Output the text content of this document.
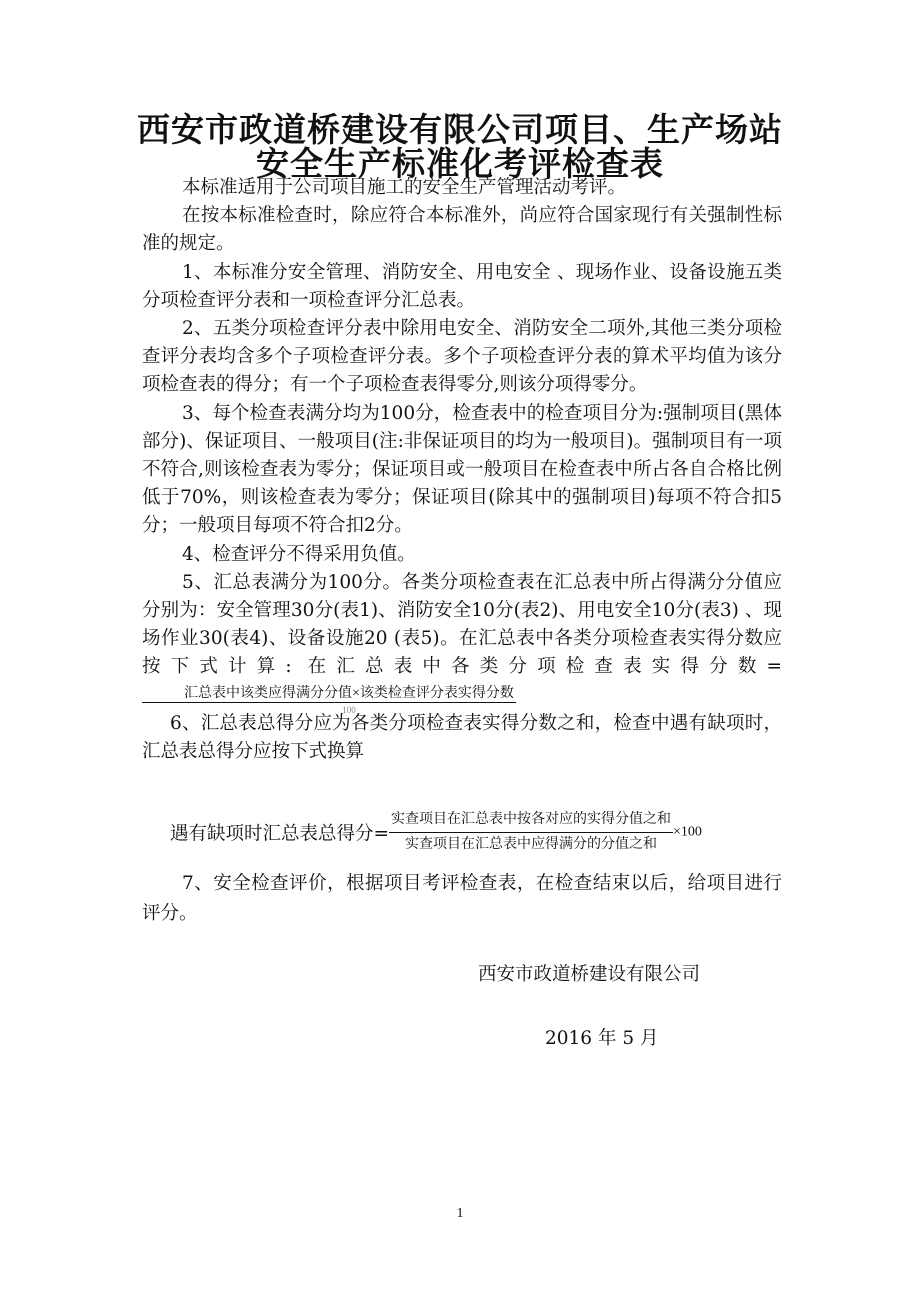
西安市政道桥建设有限公司项目、生产场站
安全生产标准化考评检查表

本标准适用于公司项目施工的安全生产管理活动考评。

在按本标准检查时，除应符合本标准外，尚应符合国家现行有关强制性标准的规定。

1、本标准分安全管理、消防安全、用电安全 、现场作业、设备设施五类分项检查评分表和一项检查评分汇总表。

2、五类分项检查评分表中除用电安全、消防安全二项外,其他三类分项检查评分表均含多个子项检查评分表。多个子项检查评分表的算术平均值为该分项检查表的得分；有一个子项检查表得零分,则该分项得零分。

3、每个检查表满分均为100分，检查表中的检查项目分为:强制项目(黑体部分)、保证项目、一般项目(注:非保证项目的均为一般项目)。强制项目有一项不符合,则该检查表为零分；保证项目或一般项目在检查表中所占各自合格比例低于70%，则该检查表为零分；保证项目(除其中的强制项目)每项不符合扣5分；一般项目每项不符合扣2分。

4、检查评分不得采用负值。

5、汇总表满分为100分。各类分项检查表在汇总表中所占得满分分值应分别为：安全管理30分(表1)、消防安全10分(表2)、用电安全10分(表3) 、现场作业30(表4)、设备设施20 (表5)。在汇总表中各类分项检查表实得分数应按下式计算: 在汇总表中各类分项检查表实得分数=
$\frac{\text{汇总表中该类应得满分分值×该类检查评分表实得分数}}{100}$

6、汇总表总得分应为各类分项检查表实得分数之和，检查中遇有缺项时，汇总表总得分应按下式换算

遇有缺项时汇总表总得分= $\frac{\text{实查项目在汇总表中按各对应的实得分值之和}}{\text{实查项目在汇总表中应得满分的分值之和}} \times 100$

7、安全检查评价，根据项目考评检查表，在检查结束以后，给项目进行评分。

西安市政道桥建设有限公司
2016 年 5 月
1
